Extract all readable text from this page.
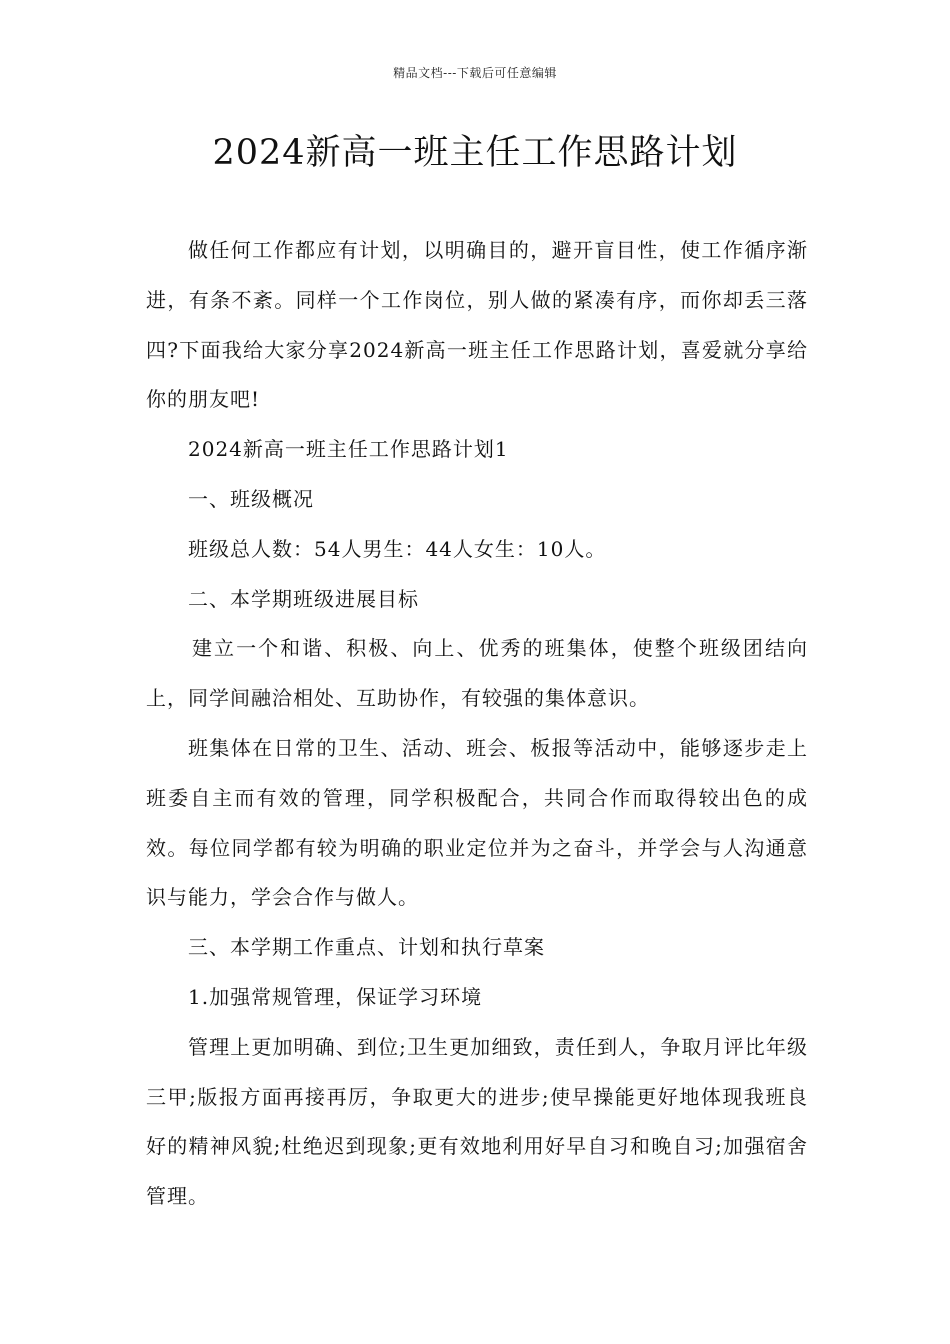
精品文档---下载后可任意编辑
2024新高一班主任工作思路计划

做任何工作都应有计划，以明确目的，避开盲目性，使工作循序渐进，有条不紊。同样一个工作岗位，别人做的紧凑有序，而你却丢三落四?下面我给大家分享2024新高一班主任工作思路计划，喜爱就分享给你的朋友吧!

2024新高一班主任工作思路计划1

一、班级概况

班级总人数：54人男生：44人女生：10人。

二、本学期班级进展目标

建立一个和谐、积极、向上、优秀的班集体，使整个班级团结向上，同学间融洽相处、互助协作，有较强的集体意识。

班集体在日常的卫生、活动、班会、板报等活动中，能够逐步走上班委自主而有效的管理，同学积极配合，共同合作而取得较出色的成效。每位同学都有较为明确的职业定位并为之奋斗，并学会与人沟通意识与能力，学会合作与做人。

三、本学期工作重点、计划和执行草案

1.加强常规管理，保证学习环境

管理上更加明确、到位;卫生更加细致，责任到人，争取月评比年级三甲;版报方面再接再厉，争取更大的进步;使早操能更好地体现我班良好的精神风貌;杜绝迟到现象;更有效地利用好早自习和晚自习;加强宿舍管理。
